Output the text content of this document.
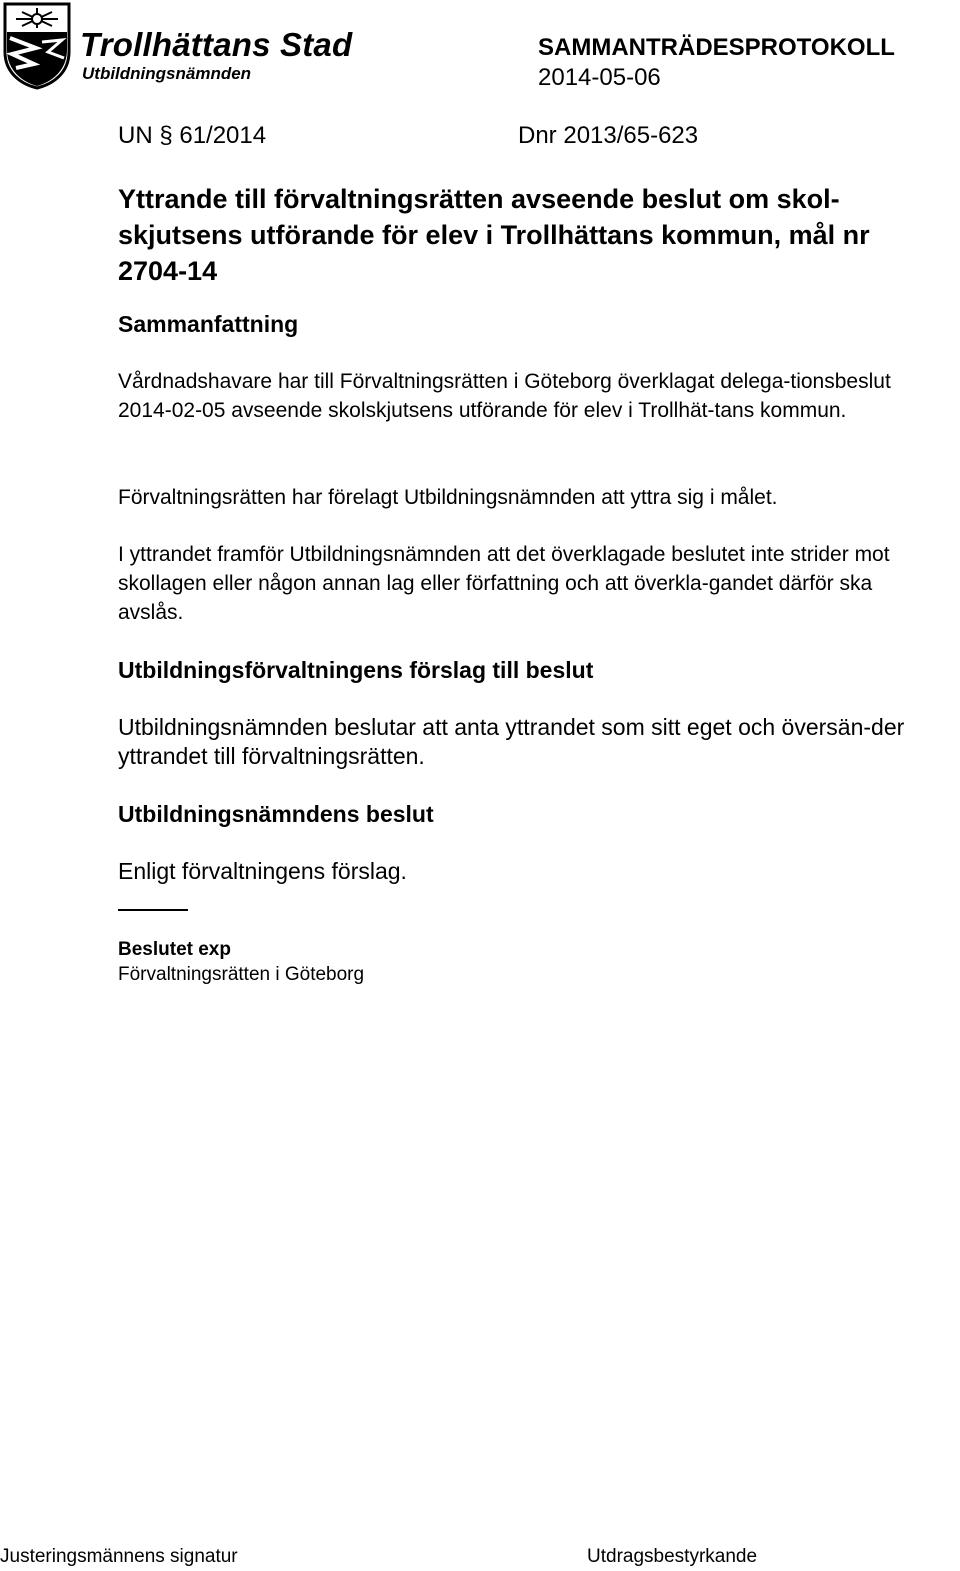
Trollhättans Stad
Utbildningsnämnden
SAMMANTRÄDESPROTOKOLL
2014-05-06
UN § 61/2014	Dnr 2013/65-623
Yttrande till förvaltningsrätten avseende beslut om skol-skjutsens utförande för elev i Trollhättans kommun, mål nr 2704-14
Sammanfattning

Vårdnadshavare har till Förvaltningsrätten i Göteborg överklagat delega-tionsbeslut 2014-02-05 avseende skolskjutsens utförande för elev i Trollhät-tans kommun.

Förvaltningsrätten har förelagt Utbildningsnämnden att yttra sig i målet.

I yttrandet framför Utbildningsnämnden att det överklagade beslutet inte strider mot skollagen eller någon annan lag eller författning och att överkla-gandet därför ska avslås.

Utbildningsförvaltningens förslag till beslut

Utbildningsnämnden beslutar att anta yttrandet som sitt eget och översän-der yttrandet till förvaltningsrätten.

Utbildningsnämndens beslut

Enligt förvaltningens förslag.

Beslutet exp
Förvaltningsrätten i Göteborg
Justeringsmännens signatur	Utdragsbestyrkande
